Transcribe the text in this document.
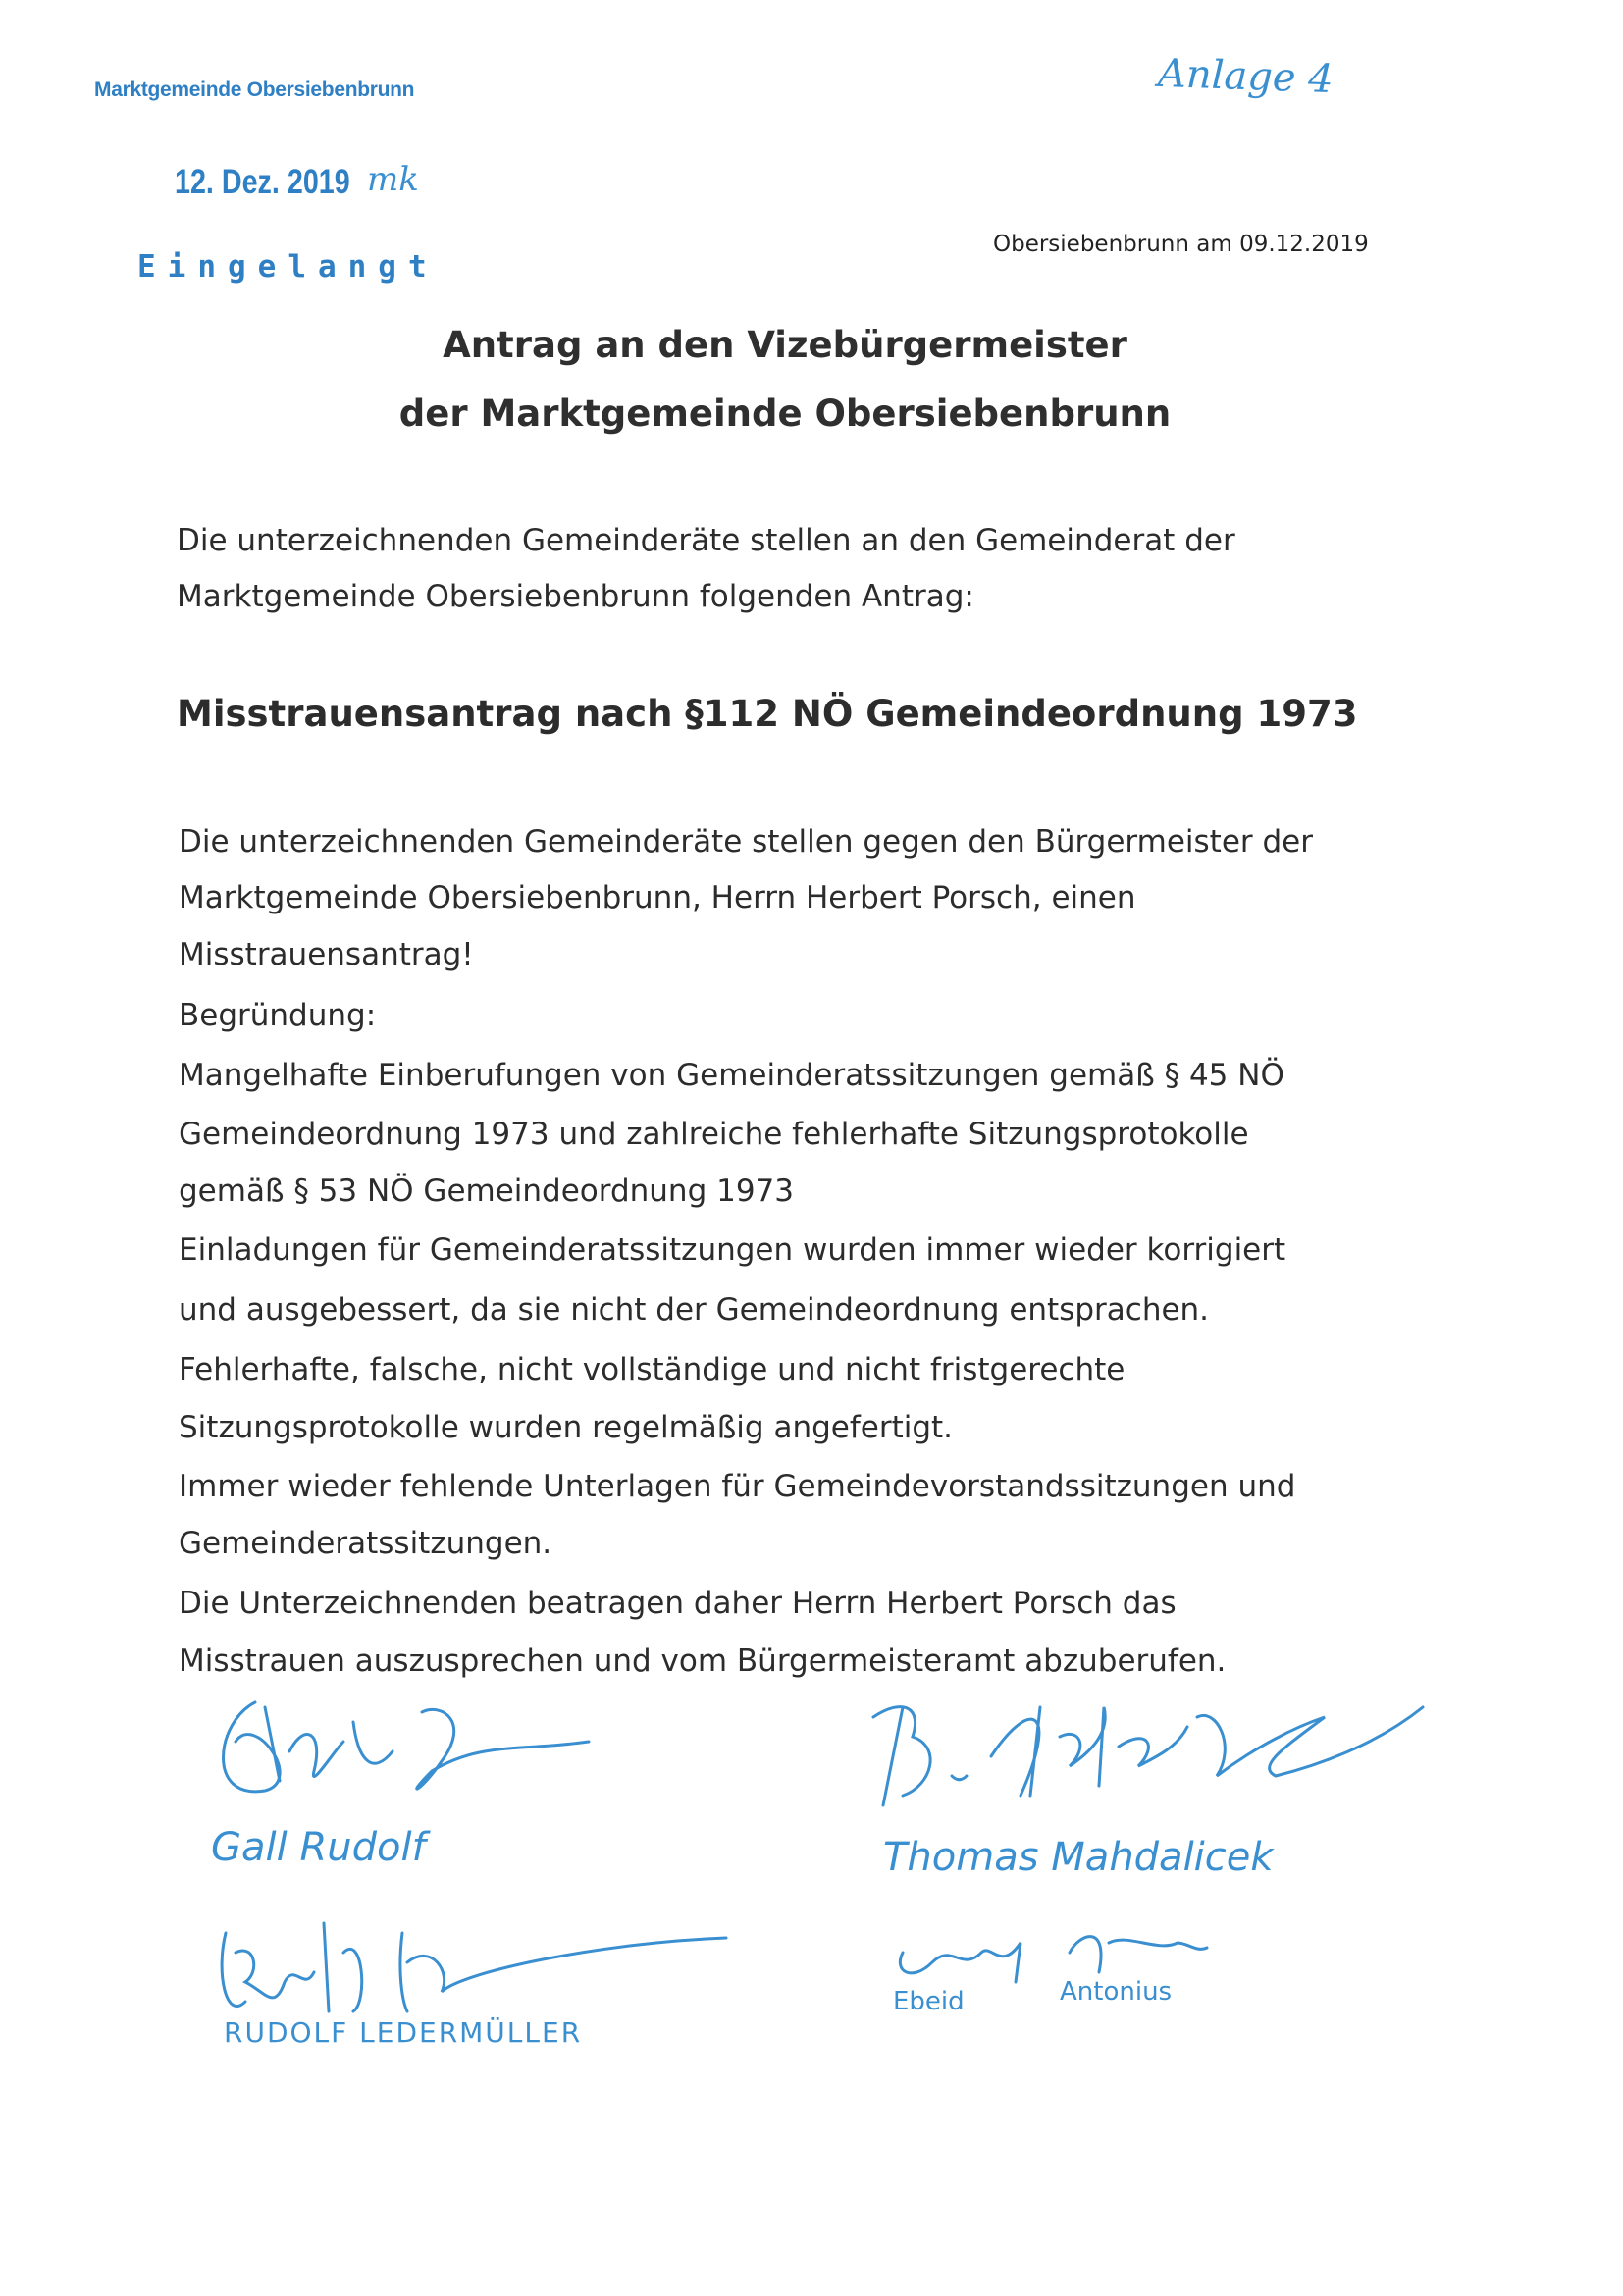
Marktgemeinde Obersiebenbrunn
12. Dez. 2019
Eingelangt
Anlage 4
mk
Obersiebenbrunn am 09.12.2019
Antrag an den Vizebürgermeister
der Marktgemeinde Obersiebenbrunn
Die unterzeichnenden Gemeinderäte stellen an den Gemeinderat der
Marktgemeinde Obersiebenbrunn folgenden Antrag:
Misstrauensantrag nach §112 NÖ Gemeindeordnung 1973
Die unterzeichnenden Gemeinderäte stellen gegen den Bürgermeister der
Marktgemeinde Obersiebenbrunn, Herrn Herbert Porsch, einen
Misstrauensantrag!
Begründung:
Mangelhafte Einberufungen von Gemeinderatssitzungen gemäß § 45 NÖ
Gemeindeordnung 1973 und zahlreiche fehlerhafte Sitzungsprotokolle
gemäß § 53 NÖ Gemeindeordnung 1973
Einladungen für Gemeinderatssitzungen wurden immer wieder korrigiert
und ausgebessert, da sie nicht der Gemeindeordnung entsprachen.
Fehlerhafte, falsche, nicht vollständige und nicht fristgerechte
Sitzungsprotokolle wurden regelmäßig angefertigt.
Immer wieder fehlende Unterlagen für Gemeindevorstandssitzungen und
Gemeinderatssitzungen.
Die Unterzeichnenden beatragen daher Herrn Herbert Porsch das
Misstrauen auszusprechen und vom Bürgermeisteramt abzuberufen.
Gall Rudolf
RUDOLF LEDERMÜLLER
Thomas Mahdalicek
Ebeid	Antonius
